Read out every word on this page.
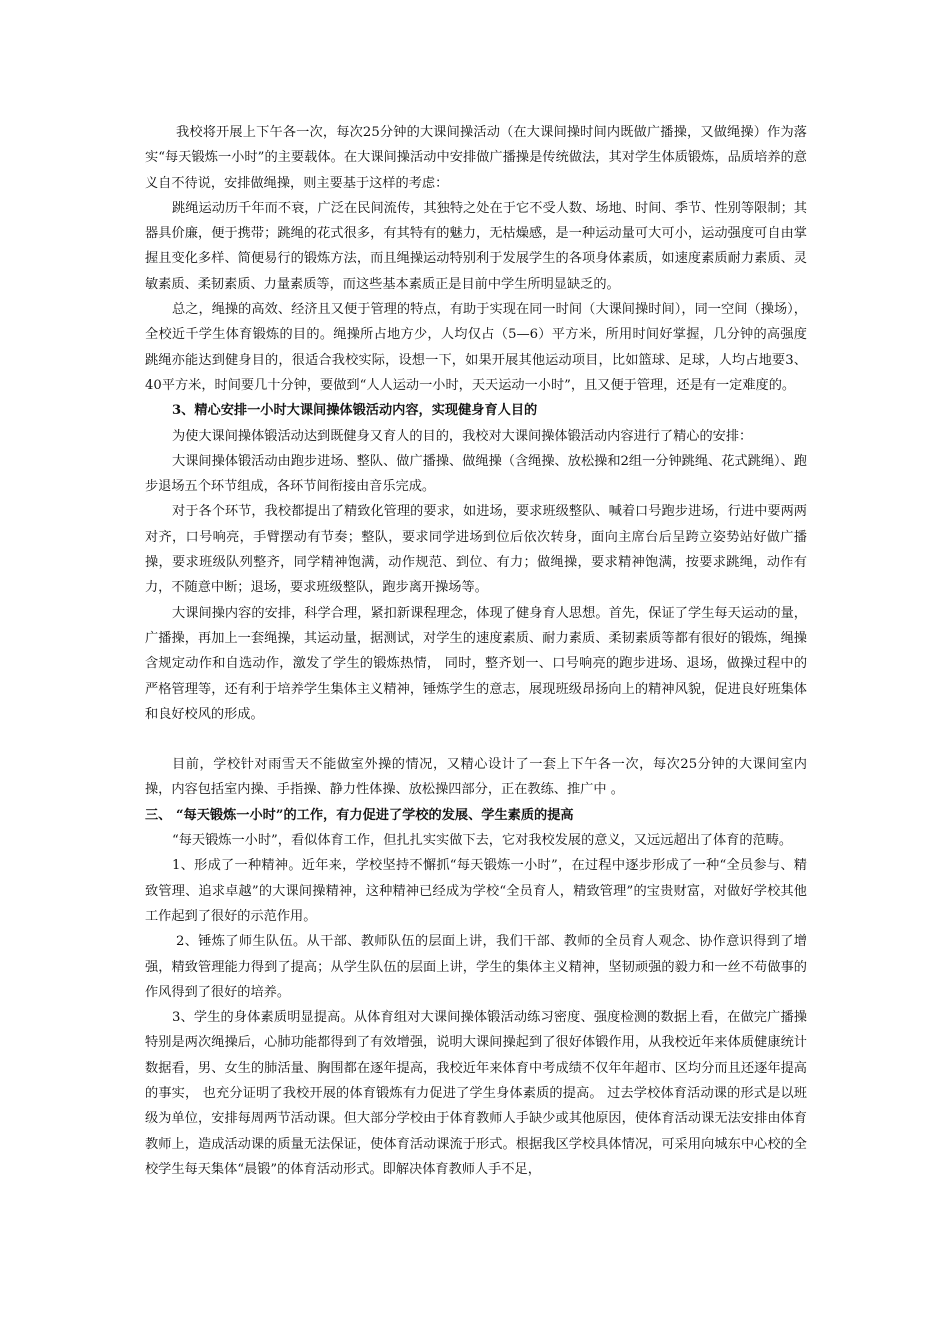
我校将开展上下午各一次，每次25分钟的大课间操活动（在大课间操时间内既做广播操，又做绳操）作为落实“每天锻炼一小时”的主要载体。在大课间操活动中安排做广播操是传统做法，其对学生体质锻炼，品质培养的意义自不待说，安排做绳操，则主要基于这样的考虑：

跳绳运动历千年而不衰，广泛在民间流传，其独特之处在于它不受人数、场地、时间、季节、性别等限制；其器具价廉，便于携带；跳绳的花式很多，有其特有的魅力，无枯燥感，是一种运动量可大可小，运动强度可自由掌握且变化多样、简便易行的锻炼方法，而且绳操运动特别利于发展学生的各项身体素质，如速度素质耐力素质、灵敏素质、柔韧素质、力量素质等，而这些基本素质正是目前中学生所明显缺乏的。

总之，绳操的高效、经济且又便于管理的特点，有助于实现在同一时间（大课间操时间），同一空间（操场），全校近千学生体育锻炼的目的。绳操所占地方少，人均仅占（5—6）平方米，所用时间好掌握，几分钟的高强度跳绳亦能达到健身目的，很适合我校实际，设想一下，如果开展其他运动项目，比如篮球、足球，人均占地要3、40平方米，时间要几十分钟，要做到“人人运动一小时，天天运动一小时”，且又便于管理，还是有一定难度的。

3、精心安排一小时大课间操体锻活动内容，实现健身育人目的

为使大课间操体锻活动达到既健身又育人的目的，我校对大课间操体锻活动内容进行了精心的安排：

大课间操体锻活动由跑步进场、整队、做广播操、做绳操（含绳操、放松操和2组一分钟跳绳、花式跳绳）、跑步退场五个环节组成，各环节间衔接由音乐完成。

对于各个环节，我校都提出了精致化管理的要求，如进场，要求班级整队、喊着口号跑步进场，行进中要两两对齐，口号响亮，手臂摆动有节奏；整队，要求同学进场到位后依次转身，面向主席台后呈跨立姿势站好做广播操，要求班级队列整齐，同学精神饱满，动作规范、到位、有力；做绳操，要求精神饱满，按要求跳绳，动作有力，不随意中断；退场，要求班级整队，跑步离开操场等。

大课间操内容的安排，科学合理，紧扣新课程理念，体现了健身育人思想。首先，保证了学生每天运动的量，广播操，再加上一套绳操，其运动量，据测试，对学生的速度素质、耐力素质、柔韧素质等都有很好的锻炼，绳操含规定动作和自选动作，激发了学生的锻炼热情， 同时，整齐划一、口号响亮的跑步进场、退场，做操过程中的严格管理等，还有利于培养学生集体主义精神，锤炼学生的意志，展现班级昂扬向上的精神风貌，促进良好班集体和良好校风的形成。

目前，学校针对雨雪天不能做室外操的情况，又精心设计了一套上下午各一次，每次25分钟的大课间室内操，内容包括室内操、手指操、静力性体操、放松操四部分，正在教练、推广中 。

三、 “每天锻炼一小时”的工作，有力促进了学校的发展、学生素质的提高

“每天锻炼一小时”，看似体育工作，但扎扎实实做下去，它对我校发展的意义，又远远超出了体育的范畴。

1、形成了一种精神。近年来，学校坚持不懈抓“每天锻炼一小时”，在过程中逐步形成了一种“全员参与、精致管理、追求卓越”的大课间操精神，这种精神已经成为学校“全员育人，精致管理”的宝贵财富，对做好学校其他工作起到了很好的示范作用。

2、锤炼了师生队伍。从干部、教师队伍的层面上讲，我们干部、教师的全员育人观念、协作意识得到了增强，精致管理能力得到了提高；从学生队伍的层面上讲，学生的集体主义精神，坚韧顽强的毅力和一丝不苟做事的作风得到了很好的培养。

3、学生的身体素质明显提高。从体育组对大课间操体锻活动练习密度、强度检测的数据上看，在做完广播操特别是两次绳操后，心肺功能都得到了有效增强，说明大课间操起到了很好体锻作用，从我校近年来体质健康统计数据看，男、女生的肺活量、胸围都在逐年提高，我校近年来体育中考成绩不仅年年超市、区均分而且还逐年提高的事实， 也充分证明了我校开展的体育锻炼有力促进了学生身体素质的提高。 过去学校体育活动课的形式是以班级为单位，安排每周两节活动课。但大部分学校由于体育教师人手缺少或其他原因，使体育活动课无法安排由体育教师上，造成活动课的质量无法保证，使体育活动课流于形式。根据我区学校具体情况，可采用向城东中心校的全校学生每天集体“晨锻”的体育活动形式。即解决体育教师人手不足，
